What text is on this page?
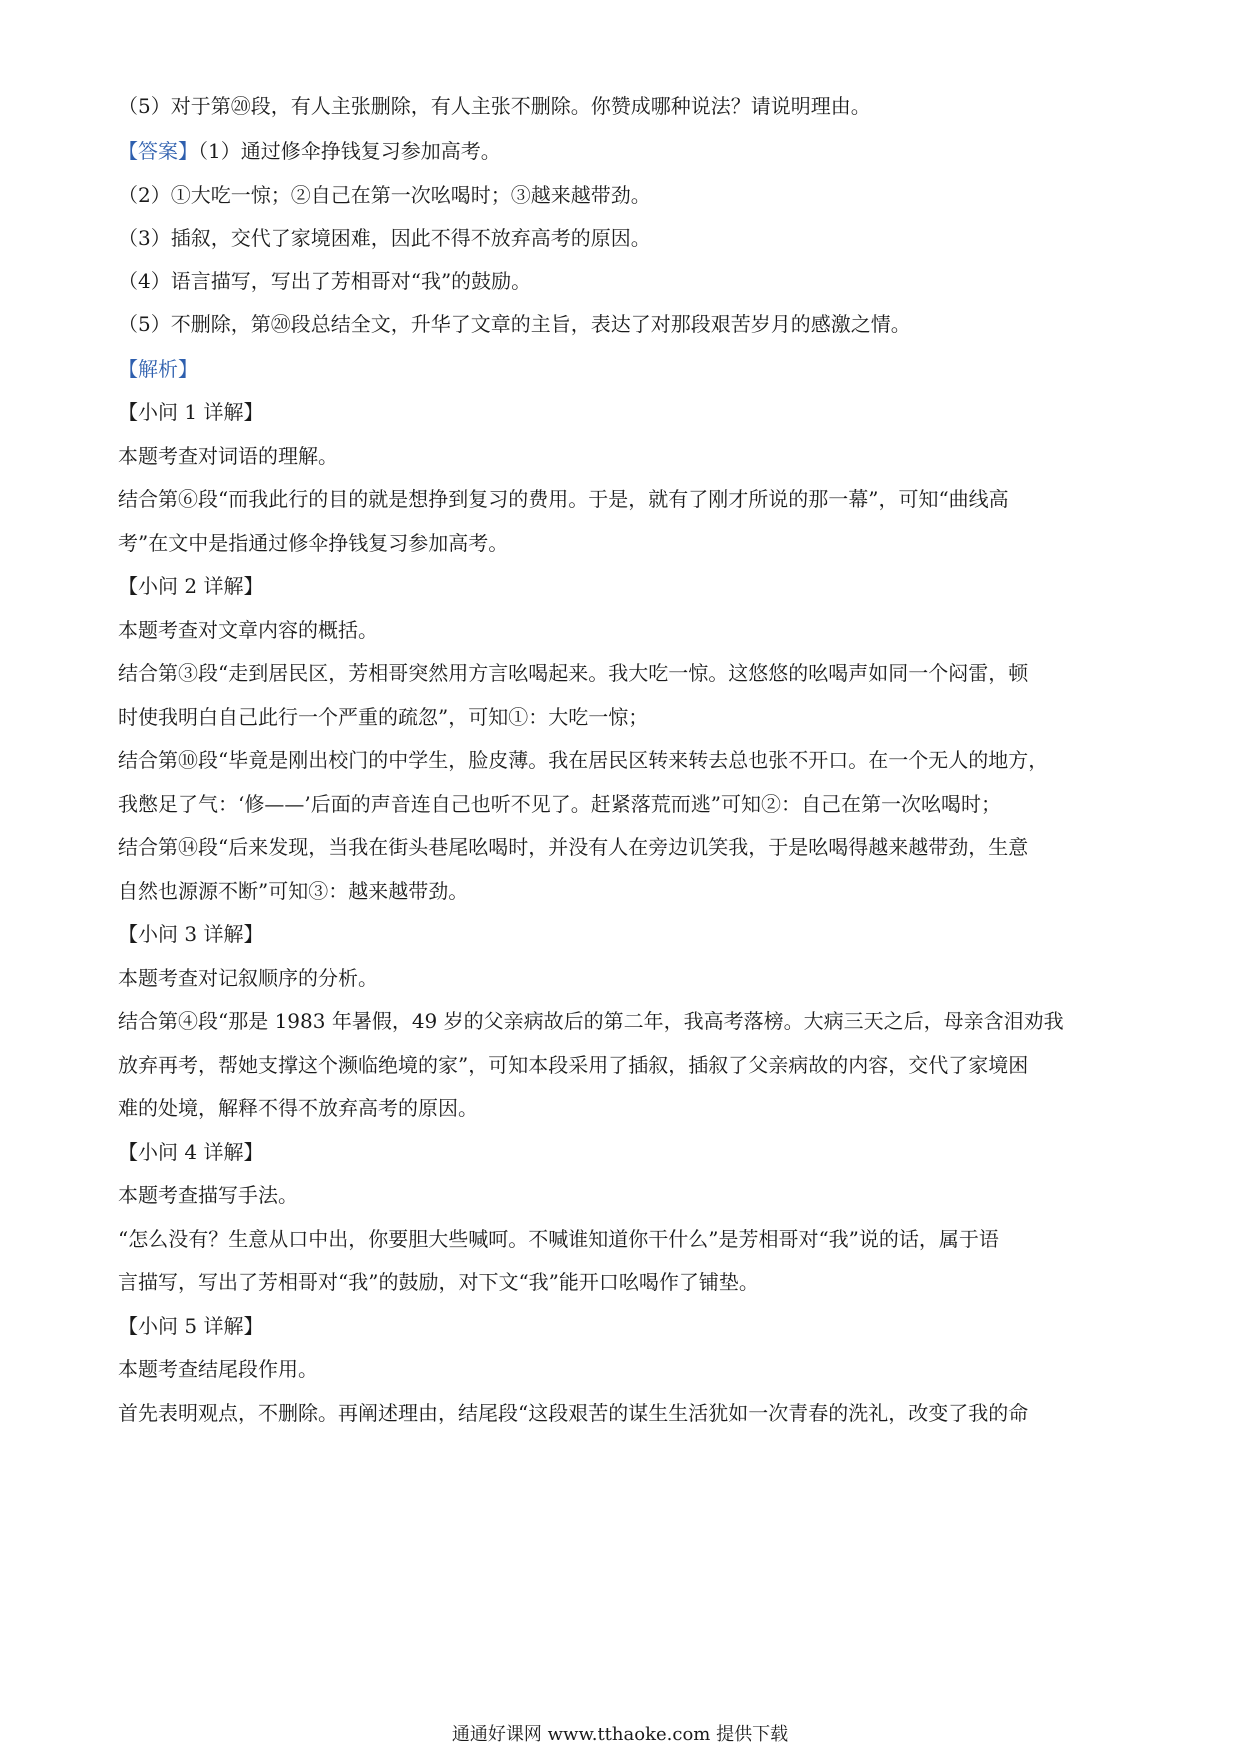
（5）对于第⑳段，有人主张删除，有人主张不删除。你赞成哪种说法？请说明理由。
【答案】（1）通过修伞挣钱复习参加高考。
（2）①大吃一惊；②自己在第一次吆喝时；③越来越带劲。
（3）插叙，交代了家境困难，因此不得不放弃高考的原因。
（4）语言描写，写出了芳相哥对“我”的鼓励。
（5）不删除，第⑳段总结全文，升华了文章的主旨，表达了对那段艰苦岁月的感激之情。
【解析】
【小问 1 详解】
本题考查对词语的理解。
结合第⑥段“而我此行的目的就是想挣到复习的费用。于是，就有了刚才所说的那一幕”，可知“曲线高
考”在文中是指通过修伞挣钱复习参加高考。
【小问 2 详解】
本题考查对文章内容的概括。
结合第③段“走到居民区，芳相哥突然用方言吆喝起来。我大吃一惊。这悠悠的吆喝声如同一个闷雷，顿
时使我明白自己此行一个严重的疏忽”，可知①：大吃一惊；
结合第⑩段“毕竟是刚出校门的中学生，脸皮薄。我在居民区转来转去总也张不开口。在一个无人的地方，
我憋足了气：‘修——’后面的声音连自己也听不见了。赶紧落荒而逃”可知②：自己在第一次吆喝时；
结合第⑭段“后来发现，当我在街头巷尾吆喝时，并没有人在旁边讥笑我，于是吆喝得越来越带劲，生意
自然也源源不断”可知③：越来越带劲。
【小问 3 详解】
本题考查对记叙顺序的分析。
结合第④段“那是 1983 年暑假，49 岁的父亲病故后的第二年，我高考落榜。大病三天之后，母亲含泪劝我
放弃再考，帮她支撑这个濒临绝境的家”，可知本段采用了插叙，插叙了父亲病故的内容，交代了家境困
难的处境，解释不得不放弃高考的原因。
【小问 4 详解】
本题考查描写手法。
“怎么没有？生意从口中出，你要胆大些喊呵。不喊谁知道你干什么”是芳相哥对“我”说的话，属于语
言描写，写出了芳相哥对“我”的鼓励，对下文“我”能开口吆喝作了铺垫。
【小问 5 详解】
本题考查结尾段作用。
首先表明观点，不删除。再阐述理由，结尾段“这段艰苦的谋生生活犹如一次青春的洗礼，改变了我的命
通通好课网 www.tthaoke.com 提供下载
